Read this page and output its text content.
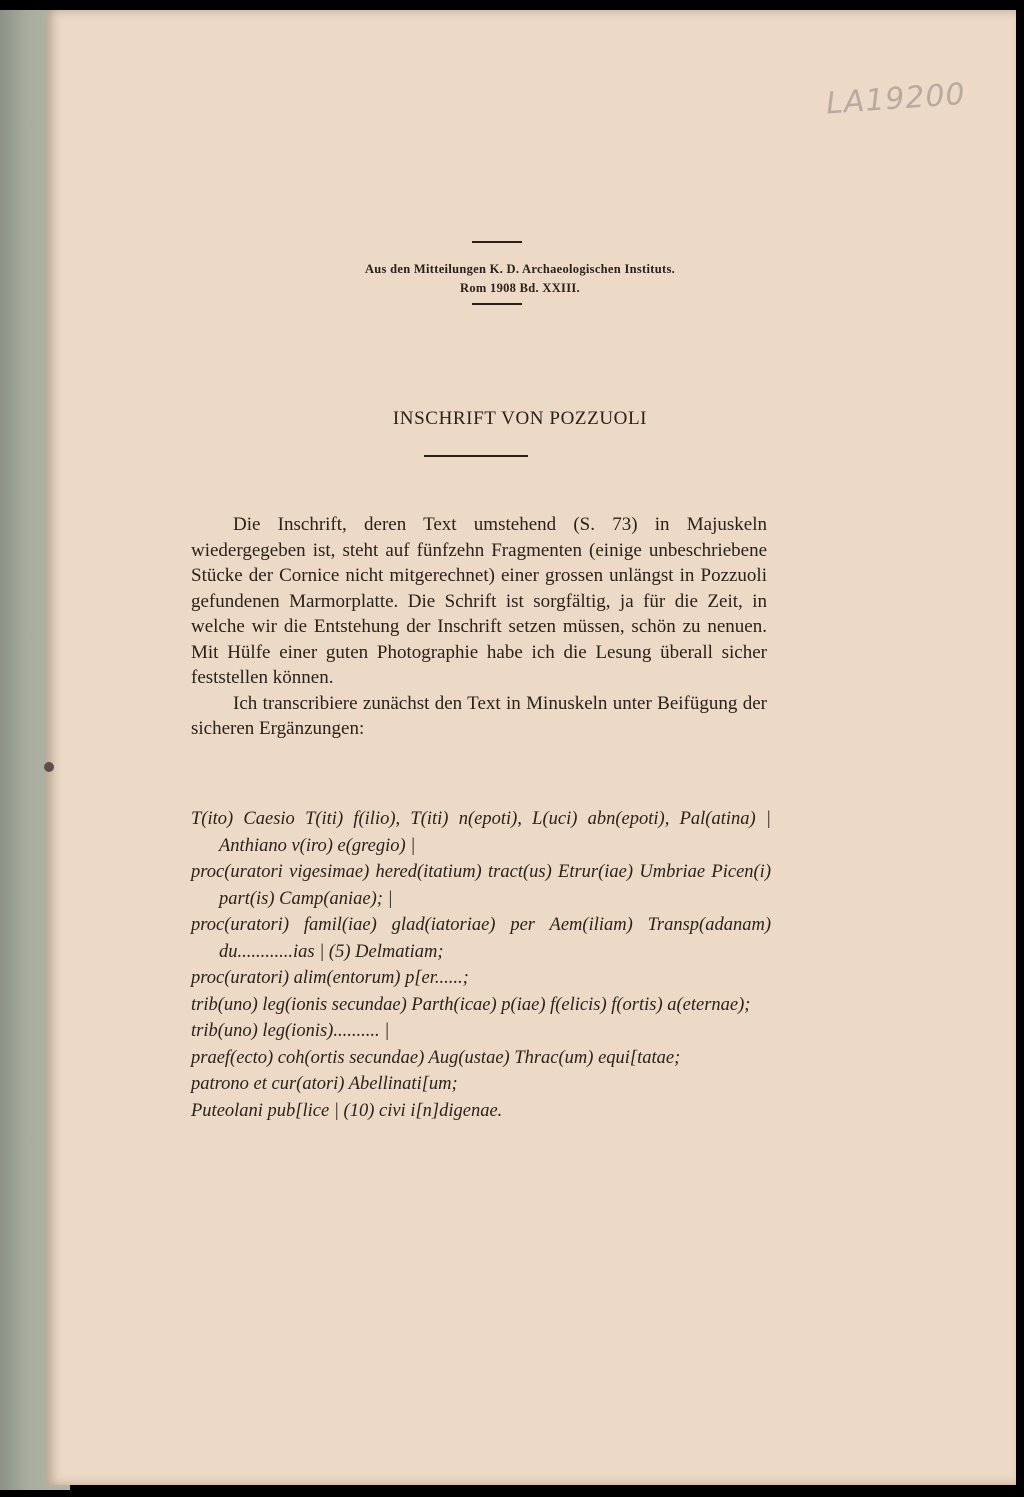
LA19200
Aus den Mitteilungen K. D. Archaeologischen Instituts.
Rom 1908 Bd. XXIII.
INSCHRIFT VON POZZUOLI

Die Inschrift, deren Text umstehend (S. 73) in Majuskeln wiedergegeben ist, steht auf fünfzehn Fragmenten (einige unbeschriebene Stücke der Cornice nicht mitgerechnet) einer grossen unlängst in Pozzuoli gefundenen Marmorplatte. Die Schrift ist sorgfältig, ja für die Zeit, in welche wir die Entstehung der Inschrift setzen müssen, schön zu nenuen. Mit Hülfe einer guten Photographie habe ich die Lesung überall sicher feststellen können.

Ich transcribiere zunächst den Text in Minuskeln unter Beifügung der sicheren Ergänzungen:

T(ito) Caesio T(iti) f(ilio), T(iti) n(epoti), L(uci) abn(epoti), Pal(atina) | Anthiano v(iro) e(gregio) |
proc(uratori vigesimae) hered(itatium) tract(us) Etrur(iae) Umbriae Picen(i) part(is) Camp(aniae); |
proc(uratori) famil(iae) glad(iatoriae) per Aem(iliam) Transp(adanam) du............ias | (5) Delmatiam;
proc(uratori) alim(entorum) p[er......;
trib(uno) leg(ionis secundae) Parth(icae) p(iae) f(elicis) f(ortis) a(eternae);
trib(uno) leg(ionis).......... |
praef(ecto) coh(ortis secundae) Aug(ustae) Thrac(um) equi[tatae;
patrono et cur(atori) Abellinati[um;
Puteolani pub[lice | (10) civi i[n]digenae.
